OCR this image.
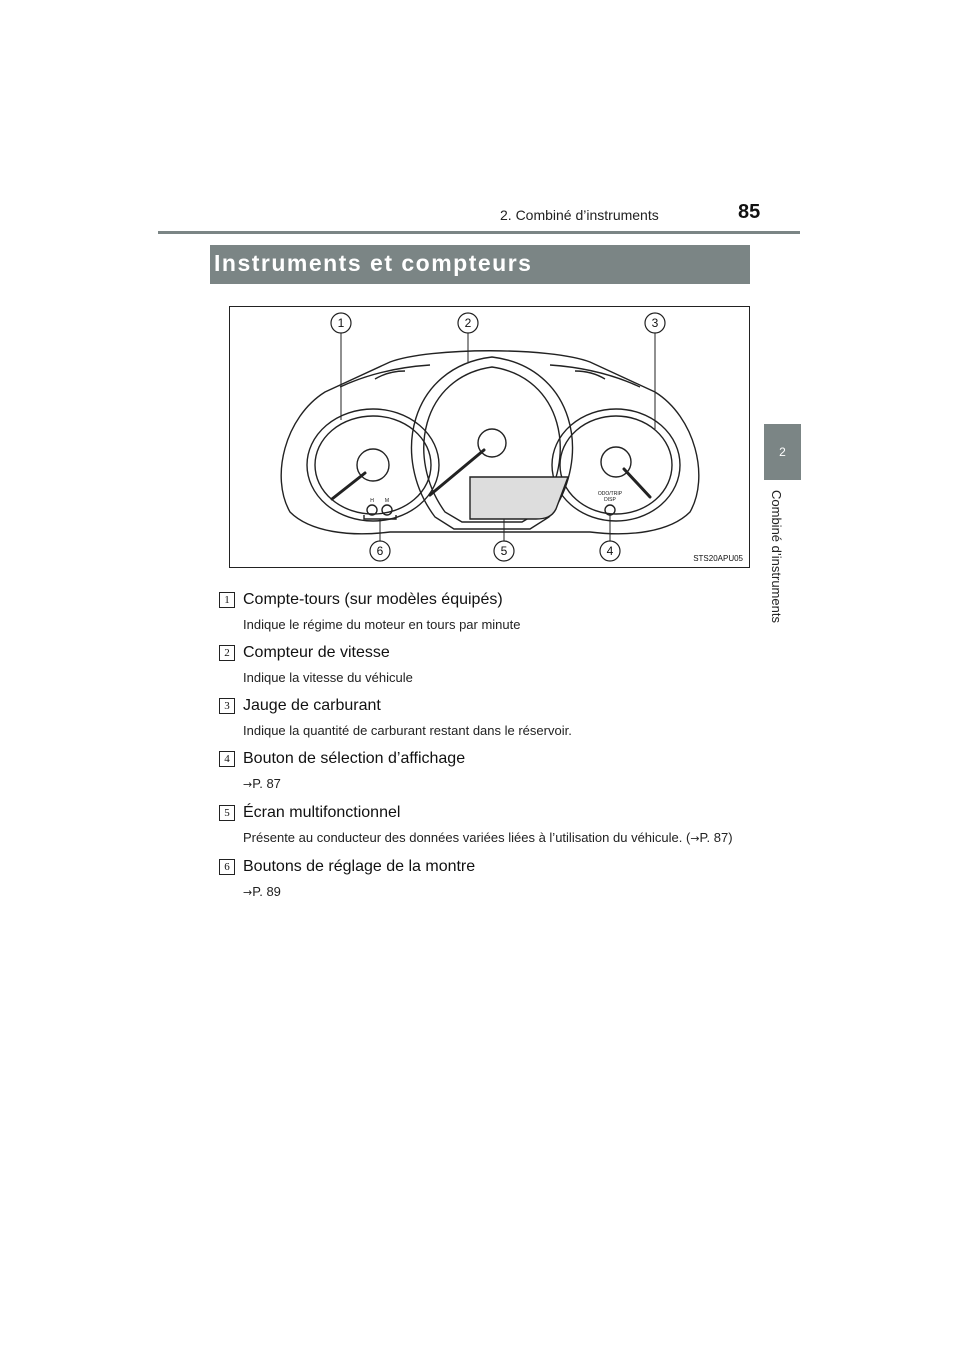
2. Combiné d’instruments	85
2
Combiné d’instruments
Instruments et compteurs
1	2	3
4
5
6
ODO/TRIP
DISP
H M
STS20APU05
1 Compte-tours (sur modèles équipés)
Indique le régime du moteur en tours par minute
2 Compteur de vitesse
Indique la vitesse du véhicule
3 Jauge de carburant
Indique la quantité de carburant restant dans le réservoir.
4 Bouton de sélection d’affichage
→P. 87
5 Écran multifonctionnel
Présente au conducteur des données variées liées à l’utilisation du véhicule. (→P. 87)
6 Boutons de réglage de la montre
→P. 89
